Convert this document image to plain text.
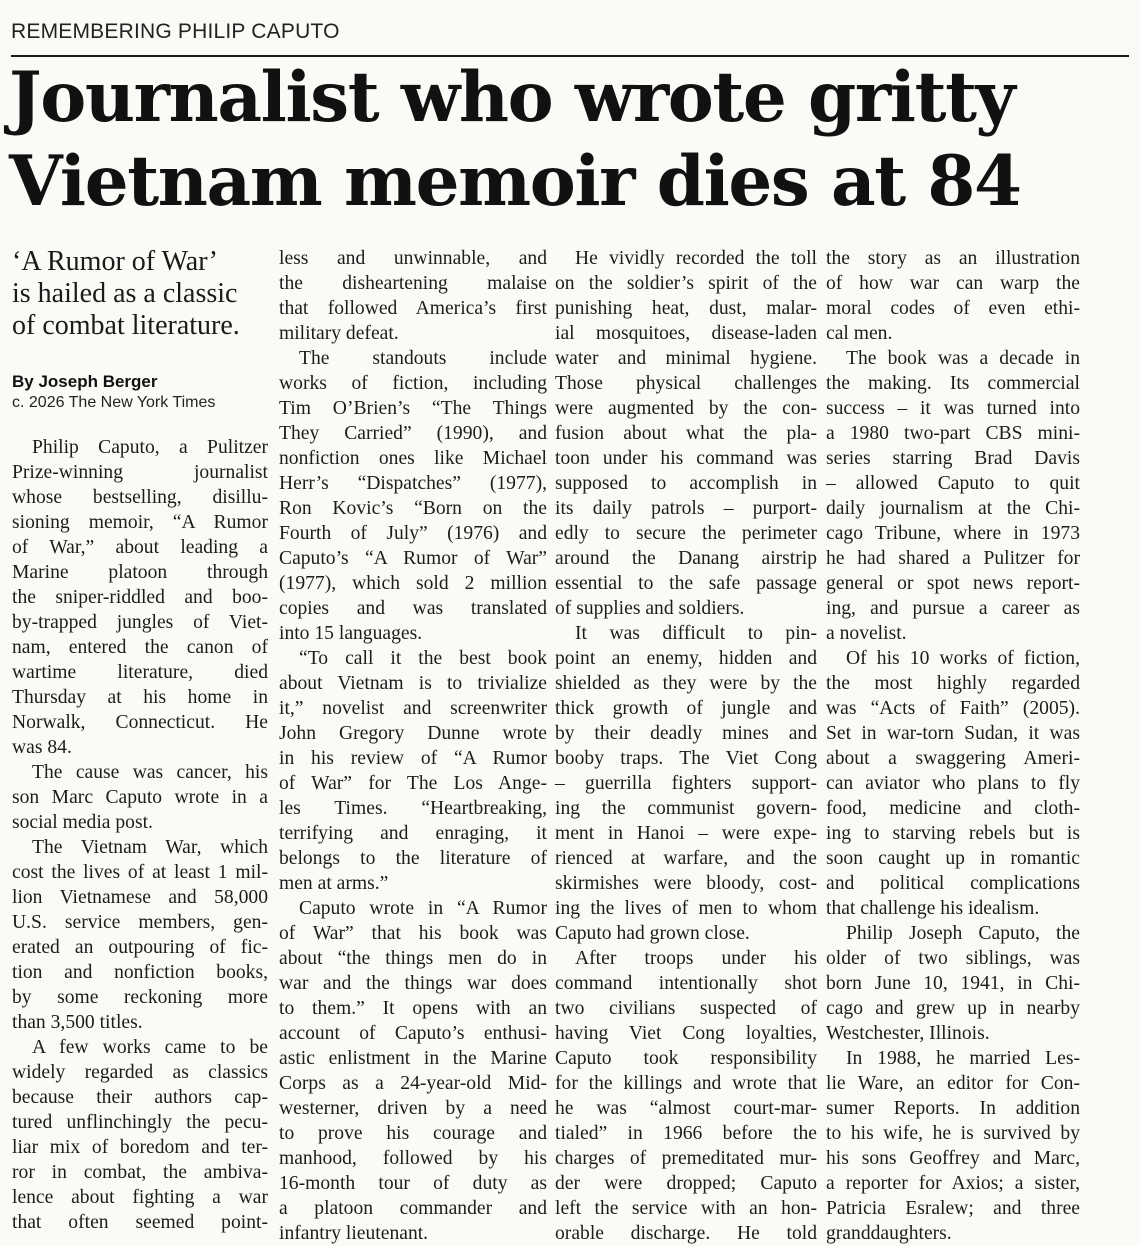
REMEMBERING PHILIP CAPUTO
Journalist who wrote gritty
Vietnam memoir dies at 84
‘A Rumor of War’
is hailed as a classic
of combat literature.
By Joseph Berger
c. 2026 The New York Times
Philip Caputo, a Pulitzer
Prize-winning journalist
whose bestselling, disillu-
sioning memoir, “A Rumor
of War,” about leading a
Marine platoon through
the sniper-riddled and boo-
by-trapped jungles of Viet-
nam, entered the canon of
wartime literature, died
Thursday at his home in
Norwalk, Connecticut. He
was 84.
The cause was cancer, his
son Marc Caputo wrote in a
social media post.
The Vietnam War, which
cost the lives of at least 1 mil-
lion Vietnamese and 58,000
U.S. service members, gen-
erated an outpouring of fic-
tion and nonfiction books,
by some reckoning more
than 3,500 titles.
A few works came to be
widely regarded as classics
because their authors cap-
tured unflinchingly the pecu-
liar mix of boredom and ter-
ror in combat, the ambiva-
lence about fighting a war
that often seemed point-
less and unwinnable, and
the disheartening malaise
that followed America’s first
military defeat.
The standouts include
works of fiction, including
Tim O’Brien’s “The Things
They Carried” (1990), and
nonfiction ones like Michael
Herr’s “Dispatches” (1977),
Ron Kovic’s “Born on the
Fourth of July” (1976) and
Caputo’s “A Rumor of War”
(1977), which sold 2 million
copies and was translated
into 15 languages.
“To call it the best book
about Vietnam is to trivialize
it,” novelist and screenwriter
John Gregory Dunne wrote
in his review of “A Rumor
of War” for The Los Ange-
les Times. “Heartbreaking,
terrifying and enraging, it
belongs to the literature of
men at arms.”
Caputo wrote in “A Rumor
of War” that his book was
about “the things men do in
war and the things war does
to them.” It opens with an
account of Caputo’s enthusi-
astic enlistment in the Marine
Corps as a 24-year-old Mid-
westerner, driven by a need
to prove his courage and
manhood, followed by his
16-month tour of duty as
a platoon commander and
infantry lieutenant.
He vividly recorded the toll
on the soldier’s spirit of the
punishing heat, dust, malar-
ial mosquitoes, disease-laden
water and minimal hygiene.
Those physical challenges
were augmented by the con-
fusion about what the pla-
toon under his command was
supposed to accomplish in
its daily patrols – purport-
edly to secure the perimeter
around the Danang airstrip
essential to the safe passage
of supplies and soldiers.
It was difficult to pin-
point an enemy, hidden and
shielded as they were by the
thick growth of jungle and
by their deadly mines and
booby traps. The Viet Cong
– guerrilla fighters support-
ing the communist govern-
ment in Hanoi – were expe-
rienced at warfare, and the
skirmishes were bloody, cost-
ing the lives of men to whom
Caputo had grown close.
After troops under his
command intentionally shot
two civilians suspected of
having Viet Cong loyalties,
Caputo took responsibility
for the killings and wrote that
he was “almost court-mar-
tialed” in 1966 before the
charges of premeditated mur-
der were dropped; Caputo
left the service with an hon-
orable discharge. He told
the story as an illustration
of how war can warp the
moral codes of even ethi-
cal men.
The book was a decade in
the making. Its commercial
success – it was turned into
a 1980 two-part CBS mini-
series starring Brad Davis
– allowed Caputo to quit
daily journalism at the Chi-
cago Tribune, where in 1973
he had shared a Pulitzer for
general or spot news report-
ing, and pursue a career as
a novelist.
Of his 10 works of fiction,
the most highly regarded
was “Acts of Faith” (2005).
Set in war-torn Sudan, it was
about a swaggering Ameri-
can aviator who plans to fly
food, medicine and cloth-
ing to starving rebels but is
soon caught up in romantic
and political complications
that challenge his idealism.
Philip Joseph Caputo, the
older of two siblings, was
born June 10, 1941, in Chi-
cago and grew up in nearby
Westchester, Illinois.
In 1988, he married Les-
lie Ware, an editor for Con-
sumer Reports. In addition
to his wife, he is survived by
his sons Geoffrey and Marc,
a reporter for Axios; a sister,
Patricia Esralew; and three
granddaughters.
